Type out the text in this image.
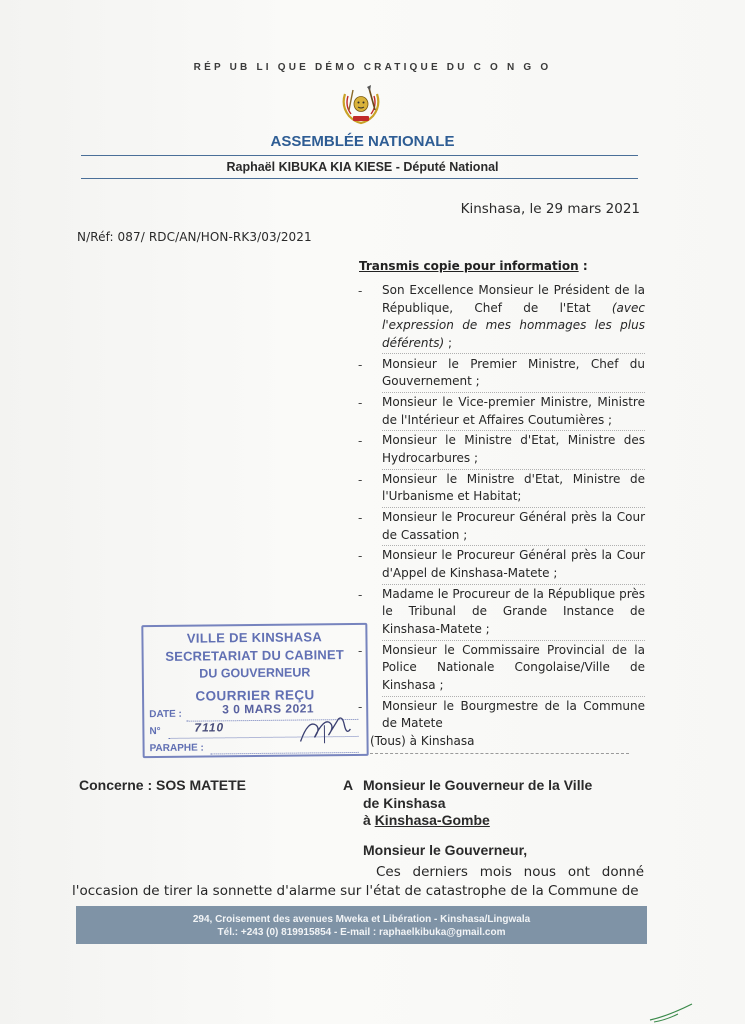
RÉP UB LI QUE DÉMO CRATIQUE DU C O N G O
ASSEMBLÉE NATIONALE
Raphaël KIBUKA KIA KIESE - Député National
Kinshasa, le 29 mars 2021
N/Réf: 087/ RDC/AN/HON-RK3/03/2021
Transmis copie pour information :
- Son Excellence Monsieur le Président de la République, Chef de l'Etat (avec l'expression de mes hommages les plus déférents) ;
- Monsieur le Premier Ministre, Chef du Gouvernement ;
- Monsieur le Vice-premier Ministre, Ministre de l'Intérieur et Affaires Coutumières ;
- Monsieur le Ministre d'Etat, Ministre des Hydrocarbures ;
- Monsieur le Ministre d'Etat, Ministre de l'Urbanisme et Habitat;
- Monsieur le Procureur Général près la Cour de Cassation ;
- Monsieur le Procureur Général près la Cour d'Appel de Kinshasa-Matete ;
- Madame le Procureur de la République près le Tribunal de Grande Instance de Kinshasa-Matete ;
- Monsieur le Commissaire Provincial de la Police Nationale Congolaise/Ville de Kinshasa ;
- Monsieur le Bourgmestre de la Commune de Matete
(Tous) à Kinshasa
VILLE DE KINSHASA
SECRETARIAT DU CABINET
DU GOUVERNEUR
COURRIER REÇU
DATE :	3 0 MARS 2021
N°	7110
PARAPHE :
Concerne : SOS MATETE	A Monsieur le Gouverneur de la Ville
de Kinshasa
à Kinshasa-Gombe
Monsieur le Gouverneur,
Ces derniers mois nous ont donné
l'occasion de tirer la sonnette d'alarme sur l'état de catastrophe de la Commune de
294, Croisement des avenues Mweka et Libération - Kinshasa/Lingwala
Tél.: +243 (0) 819915854 - E-mail : raphaelkibuka@gmail.com
